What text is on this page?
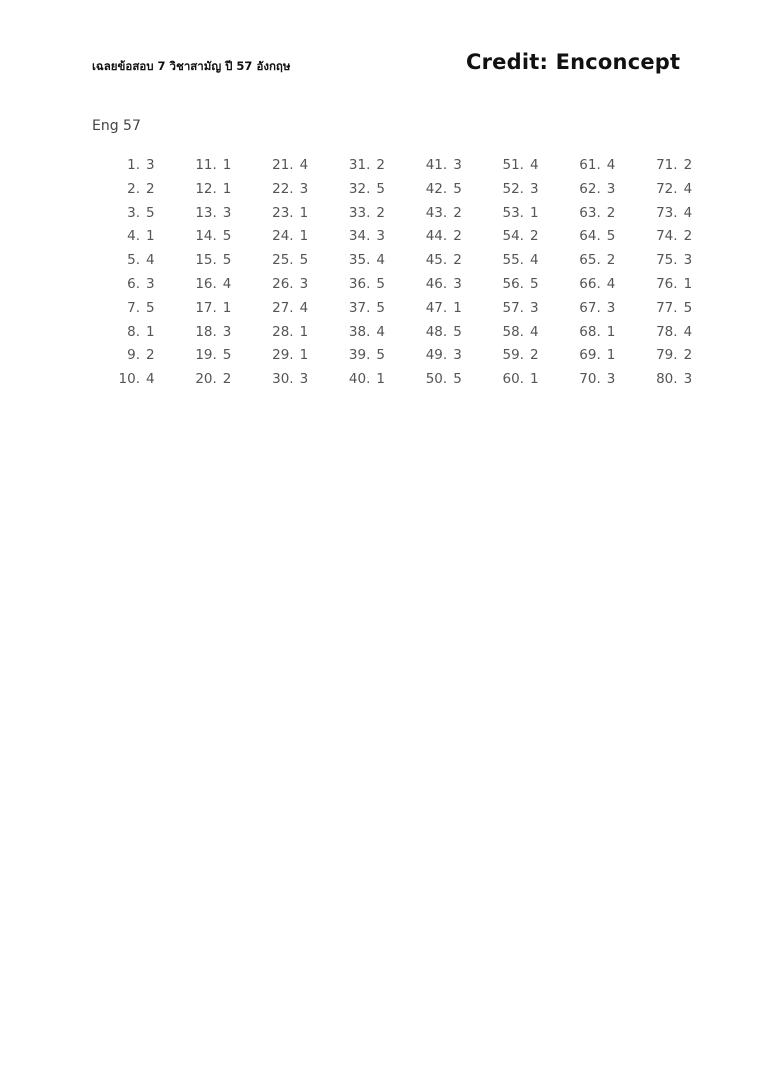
เฉลยข้อสอบ 7 วิชาสามัญ ปี 57 อังกฤษ	Credit: Enconcept
Eng 57
1. 3
2. 2
3. 5
4. 1
5. 4
6. 3
7. 5
8. 1
9. 2
10. 4
11. 1
12. 1
13. 3
14. 5
15. 5
16. 4
17. 1
18. 3
19. 5
20. 2
21. 4
22. 3
23. 1
24. 1
25. 5
26. 3
27. 4
28. 1
29. 1
30. 3
31. 2
32. 5
33. 2
34. 3
35. 4
36. 5
37. 5
38. 4
39. 5
40. 1
41. 3
42. 5
43. 2
44. 2
45. 2
46. 3
47. 1
48. 5
49. 3
50. 5
51. 4
52. 3
53. 1
54. 2
55. 4
56. 5
57. 3
58. 4
59. 2
60. 1
61. 4
62. 3
63. 2
64. 5
65. 2
66. 4
67. 3
68. 1
69. 1
70. 3
71. 2
72. 4
73. 4
74. 2
75. 3
76. 1
77. 5
78. 4
79. 2
80. 3
